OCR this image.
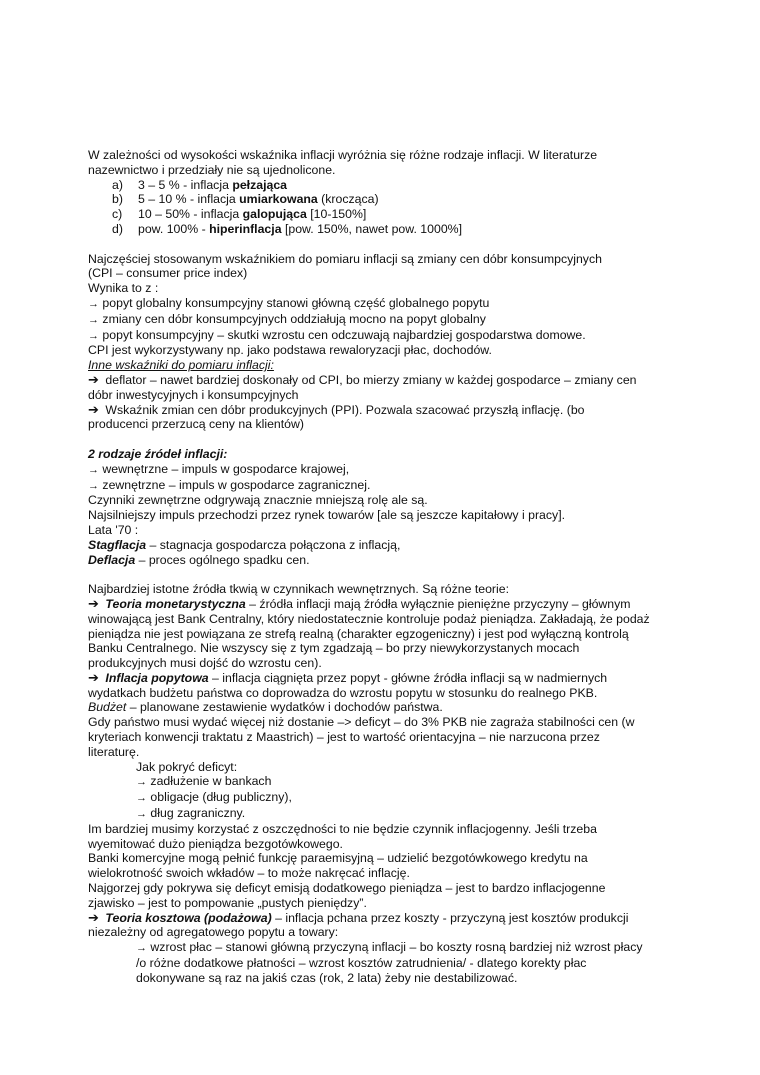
W zależności od wysokości wskaźnika inflacji wyróżnia się różne rodzaje inflacji. W literaturze
nazewnictwo i przedziały nie są ujednolicone.
a)	3 – 5 % - inflacja pełzająca
b)	5 – 10 % - inflacja umiarkowana (krocząca)
c)	10 – 50% - inflacja galopująca [10-150%]
d)	pow. 100% - hiperinflacja [pow. 150%, nawet pow. 1000%]
Najczęściej stosowanym wskaźnikiem do pomiaru inflacji są zmiany cen dóbr konsumpcyjnych
(CPI – consumer price index)
Wynika to z :
→ popyt globalny konsumpcyjny stanowi główną część globalnego popytu
→ zmiany cen dóbr konsumpcyjnych oddziałują mocno na popyt globalny
→ popyt konsumpcyjny – skutki wzrostu cen odczuwają najbardziej gospodarstwa domowe.
CPI jest wykorzystywany np. jako podstawa rewaloryzacji płac, dochodów.
Inne wskaźniki do pomiaru inflacji:
➔ deflator – nawet bardziej doskonały od CPI, bo mierzy zmiany w każdej gospodarce – zmiany cen
dóbr inwestycyjnych i konsumpcyjnych
➔ Wskaźnik zmian cen dóbr produkcyjnych (PPI). Pozwala szacować przyszłą inflację. (bo
producenci przerzucą ceny na klientów)
2 rodzaje źródeł inflacji:
→ wewnętrzne – impuls w gospodarce krajowej,
→ zewnętrzne – impuls w gospodarce zagranicznej.
Czynniki zewnętrzne odgrywają znacznie mniejszą rolę ale są.
Najsilniejszy impuls przechodzi przez rynek towarów [ale są jeszcze kapitałowy i pracy].
Lata '70 :
Stagflacja – stagnacja gospodarcza połączona z inflacją,
Deflacja – proces ogólnego spadku cen.
Najbardziej istotne źródła tkwią w czynnikach wewnętrznych. Są różne teorie:
➔ Teoria monetarystyczna – źródła inflacji mają źródła wyłącznie pieniężne przyczyny – głównym
winowającą jest Bank Centralny, który niedostatecznie kontroluje podaż pieniądza. Zakładają, że podaż
pieniądza nie jest powiązana ze strefą realną (charakter egzogeniczny) i jest pod wyłączną kontrolą
Banku Centralnego. Nie wszyscy się z tym zgadzają – bo przy niewykorzystanych mocach
produkcyjnych musi dojść do wzrostu cen).
➔ Inflacja popytowa – inflacja ciągnięta przez popyt - główne źródła inflacji są w nadmiernych
wydatkach budżetu państwa co doprowadza do wzrostu popytu w stosunku do realnego PKB.
Budżet – planowane zestawienie wydatków i dochodów państwa.
Gdy państwo musi wydać więcej niż dostanie –> deficyt – do 3% PKB nie zagraża stabilności cen (w
kryteriach konwencji traktatu z Maastrich) – jest to wartość orientacyjna – nie narzucona przez
literaturę.
Jak pokryć deficyt:
→ zadłużenie w bankach
→ obligacje (dług publiczny),
→ dług zagraniczny.
Im bardziej musimy korzystać z oszczędności to nie będzie czynnik inflacjogenny. Jeśli trzeba
wyemitować dużo pieniądza bezgotówkowego.
Banki komercyjne mogą pełnić funkcję paraemisyjną – udzielić bezgotówkowego kredytu na
wielokrotność swoich wkładów – to może nakręcać inflację.
Najgorzej gdy pokrywa się deficyt emisją dodatkowego pieniądza – jest to bardzo inflacjogenne
zjawisko – jest to pompowanie „pustych pieniędzy”.
➔ Teoria kosztowa (podażowa) – inflacja pchana przez koszty - przyczyną jest kosztów produkcji
niezależny od agregatowego popytu a towary:
→ wzrost płac – stanowi główną przyczyną inflacji – bo koszty rosną bardziej niż wzrost płacy
/o różne dodatkowe płatności – wzrost kosztów zatrudnienia/ - dlatego korekty płac
dokonywane są raz na jakiś czas (rok, 2 lata) żeby nie destabilizować.
